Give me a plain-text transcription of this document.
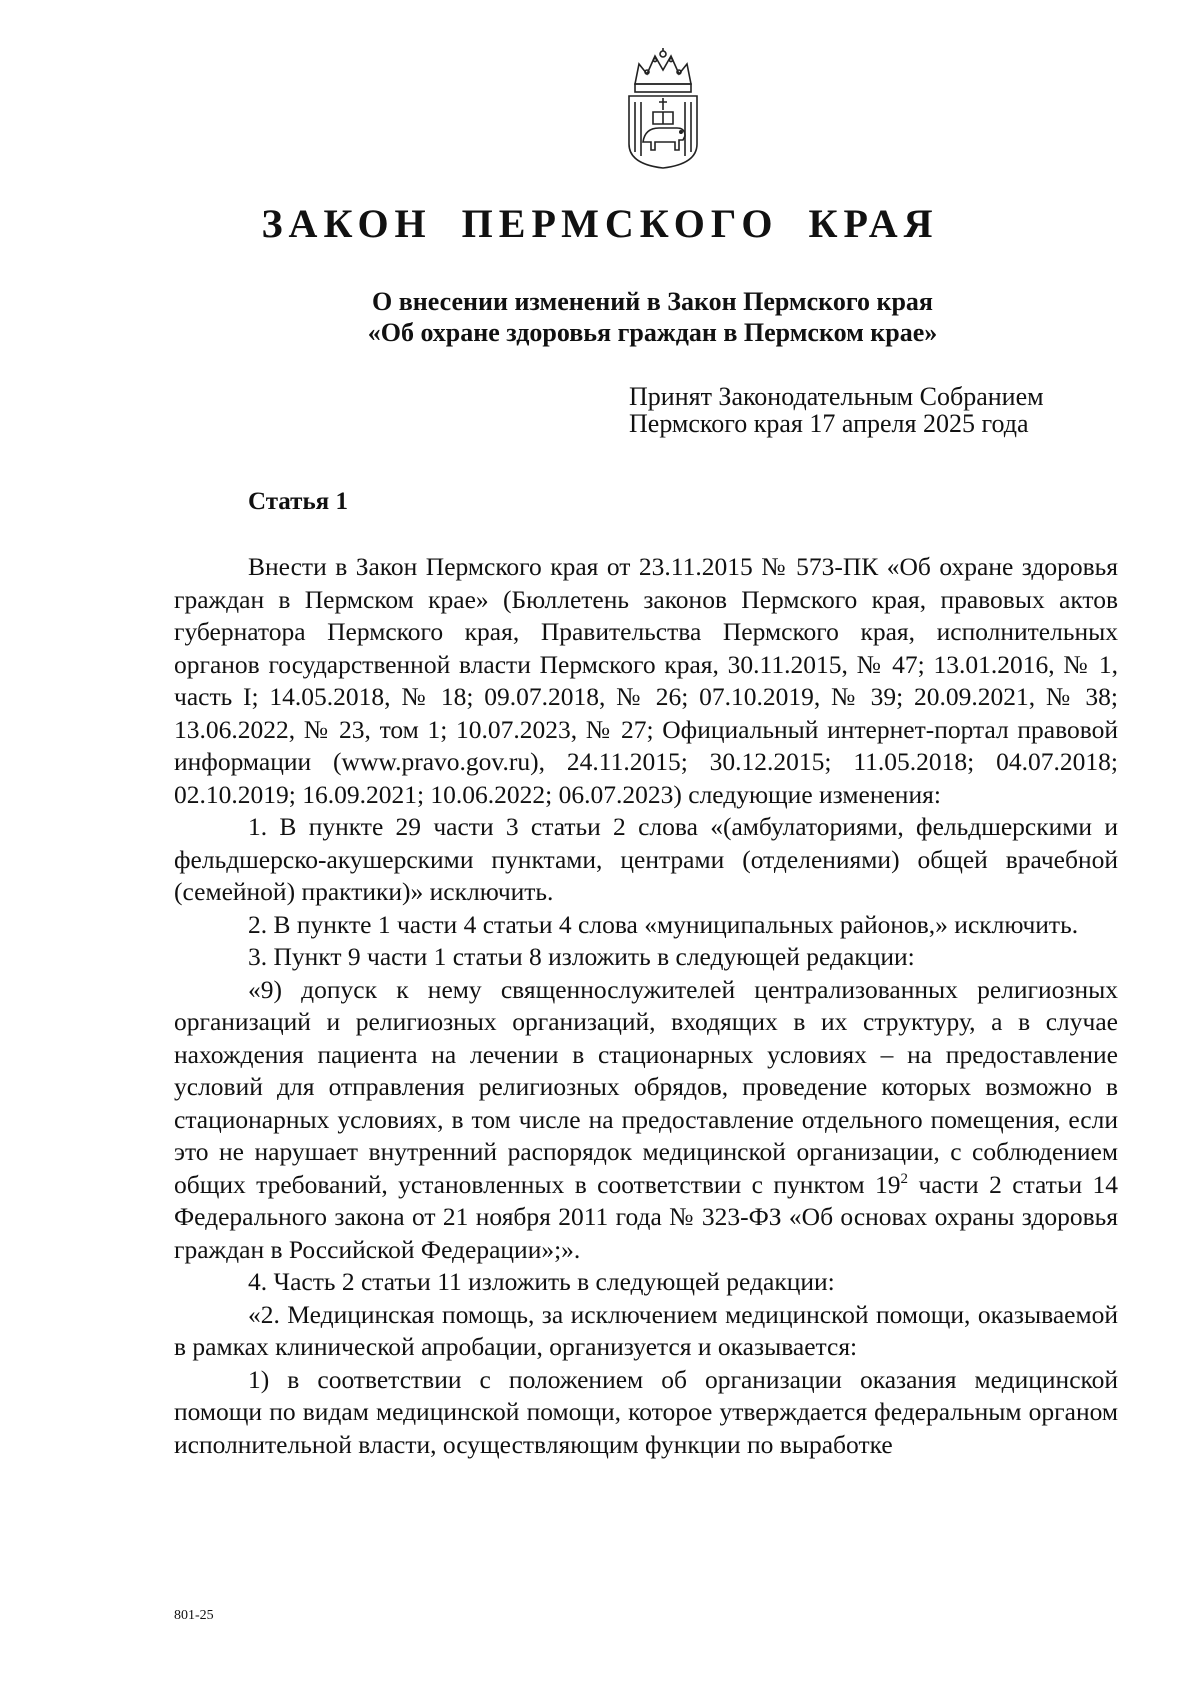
ЗАКОН ПЕРМСКОГО КРАЯ
О внесении изменений в Закон Пермского края
«Об охране здоровья граждан в Пермском крае»
Принят Законодательным Собранием
Пермского края 17 апреля 2025 года
Статья 1

Внести в Закон Пермского края от 23.11.2015 № 573-ПК «Об охране здоровья граждан в Пермском крае» (Бюллетень законов Пермского края, правовых актов губернатора Пермского края, Правительства Пермского края, исполнительных органов государственной власти Пермского края, 30.11.2015, № 47; 13.01.2016, № 1, часть I; 14.05.2018, № 18; 09.07.2018, № 26; 07.10.2019, № 39; 20.09.2021, № 38; 13.06.2022, № 23, том 1; 10.07.2023, № 27; Официальный интернет-портал правовой информации (www.pravo.gov.ru), 24.11.2015; 30.12.2015; 11.05.2018; 04.07.2018; 02.10.2019; 16.09.2021; 10.06.2022; 06.07.2023) следующие изменения:

1. В пункте 29 части 3 статьи 2 слова «(амбулаториями, фельдшерскими и фельдшерско-акушерскими пунктами, центрами (отделениями) общей врачебной (семейной) практики)» исключить.

2. В пункте 1 части 4 статьи 4 слова «муниципальных районов,» исключить.

3. Пункт 9 части 1 статьи 8 изложить в следующей редакции:

«9) допуск к нему священнослужителей централизованных религиозных организаций и религиозных организаций, входящих в их структуру, а в случае нахождения пациента на лечении в стационарных условиях – на предоставление условий для отправления религиозных обрядов, проведение которых возможно в стационарных условиях, в том числе на предоставление отдельного помещения, если это не нарушает внутренний распорядок медицинской организации, с соблюдением общих требований, установленных в соответствии с пунктом $19^2$ части 2 статьи 14 Федерального закона от 21 ноября 2011 года № 323-ФЗ «Об основах охраны здоровья граждан в Российской Федерации»;».

4. Часть 2 статьи 11 изложить в следующей редакции:

«2. Медицинская помощь, за исключением медицинской помощи, оказываемой в рамках клинической апробации, организуется и оказывается:

1) в соответствии с положением об организации оказания медицинской помощи по видам медицинской помощи, которое утверждается федеральным органом исполнительной власти, осуществляющим функции по выработке

801-25
